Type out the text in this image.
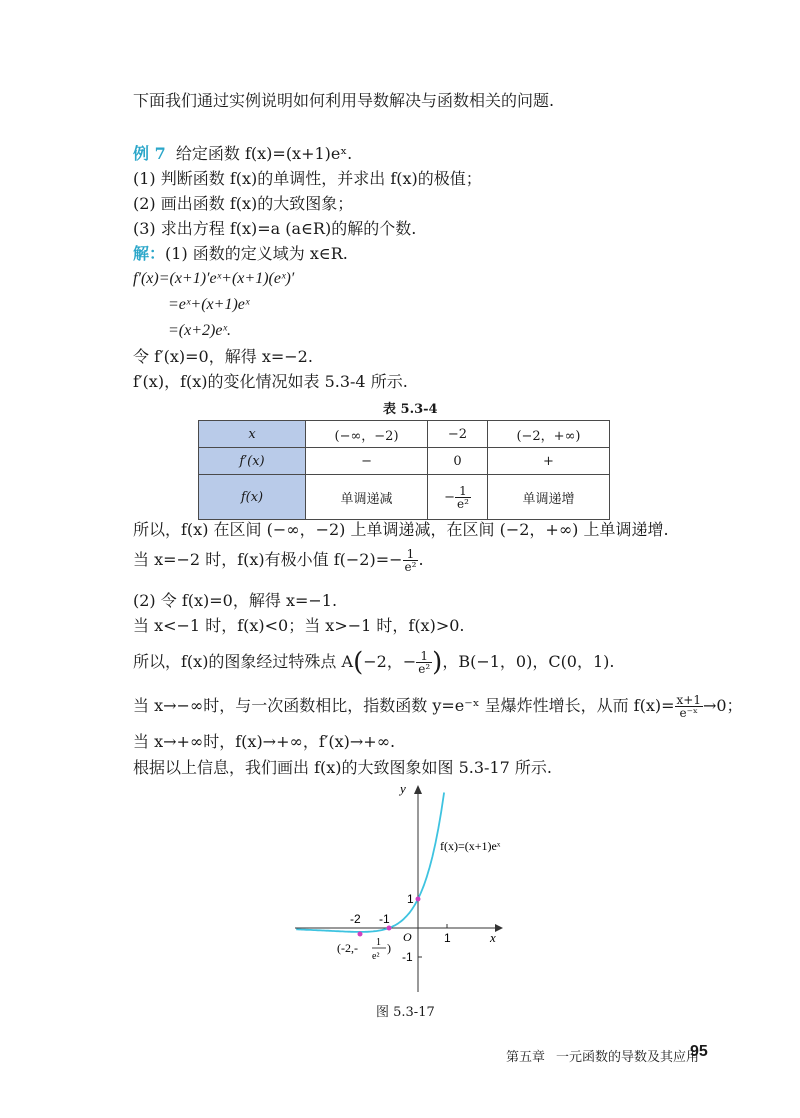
下面我们通过实例说明如何利用导数解决与函数相关的问题.
例 7 给定函数 f(x)=(x+1)eˣ.
(1) 判断函数 f(x)的单调性，并求出 f(x)的极值；
(2) 画出函数 f(x)的大致图象；
(3) 求出方程 f(x)=a (a∈R)的解的个数.
解：(1) 函数的定义域为 x∈R.
f′(x)=(x+1)′eˣ+(x+1)(eˣ)′
=eˣ+(x+1)eˣ
=(x+2)eˣ.
令 f′(x)=0，解得 x=−2.
f′(x)，f(x)的变化情况如表 5.3-4 所示.
表 5.3-4
x	(−∞，−2)	−2	(−2，+∞)
f′(x)	−	0	+
f(x)	单调递减	− $\frac{1}{\text{e²}}$	单调递增
所以，f(x) 在区间 (−∞，−2) 上单调递减，在区间 (−2，+∞) 上单调递增.
当 x=−2 时，f(x)有极小值 $f(-2)=- \frac{1}{\text{e²}}$ .
(2) 令 f(x)=0，解得 x=−1.
当 x<−1 时，f(x)<0；当 x>−1 时，f(x)>0.
所以，f(x)的图象经过特殊点 A(−2，− $\frac{1}{\text{e²}}$ )，B(−1，0)，C(0，1).
当 x→−∞时，与一次函数相比，指数函数 y=e⁻ˣ 呈爆炸性增长，从而 $f(x)= \frac{x+1}{\text{e⁻ˣ}} \to 0$；
当 x→+∞时，f(x)→+∞，f′(x)→+∞.
根据以上信息，我们画出 f(x)的大致图象如图 5.3-17 所示.
y
x
O
-2 -1
1
1
-1
f(x)=(x+1)eˣ
(-2,- 1
e²
)
图 5.3-17
第五章 一元函数的导数及其应用
95
